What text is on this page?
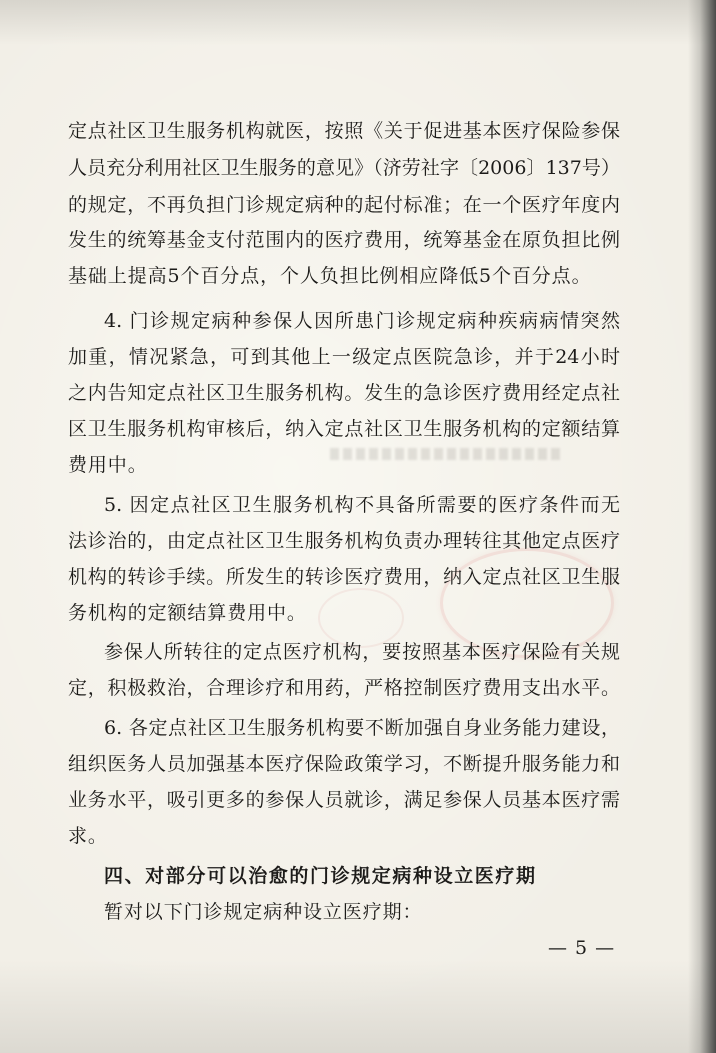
定点社区卫生服务机构就医，按照《关于促进基本医疗保险参保
人员充分利用社区卫生服务的意见》（济劳社字〔2006〕137号）
的规定，不再负担门诊规定病种的起付标准；在一个医疗年度内
发生的统筹基金支付范围内的医疗费用，统筹基金在原负担比例
基础上提高5个百分点，个人负担比例相应降低5个百分点。
4. 门诊规定病种参保人因所患门诊规定病种疾病病情突然
加重，情况紧急，可到其他上一级定点医院急诊，并于24小时
之内告知定点社区卫生服务机构。发生的急诊医疗费用经定点社
区卫生服务机构审核后，纳入定点社区卫生服务机构的定额结算
费用中。
5. 因定点社区卫生服务机构不具备所需要的医疗条件而无
法诊治的，由定点社区卫生服务机构负责办理转往其他定点医疗
机构的转诊手续。所发生的转诊医疗费用，纳入定点社区卫生服
务机构的定额结算费用中。
参保人所转往的定点医疗机构，要按照基本医疗保险有关规
定，积极救治，合理诊疗和用药，严格控制医疗费用支出水平。
6. 各定点社区卫生服务机构要不断加强自身业务能力建设，
组织医务人员加强基本医疗保险政策学习，不断提升服务能力和
业务水平，吸引更多的参保人员就诊，满足参保人员基本医疗需
求。
四、对部分可以治愈的门诊规定病种设立医疗期
暂对以下门诊规定病种设立医疗期：
— 5 —
